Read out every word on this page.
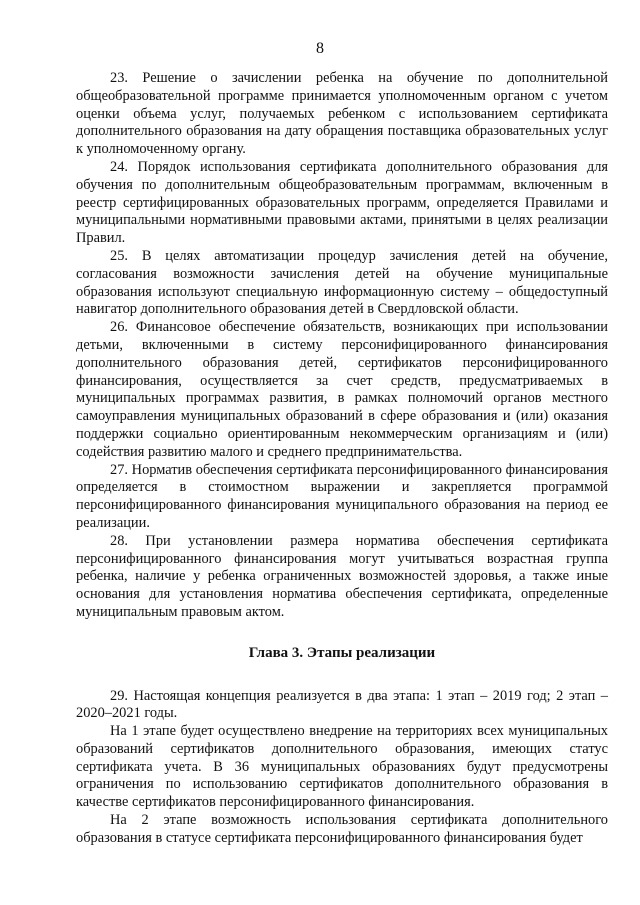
8

23. Решение о зачислении ребенка на обучение по дополнительной общеобразовательной программе принимается уполномоченным органом с учетом оценки объема услуг, получаемых ребенком с использованием сертификата дополнительного образования на дату обращения поставщика образовательных услуг к уполномоченному органу.

24. Порядок использования сертификата дополнительного образования для обучения по дополнительным общеобразовательным программам, включенным в реестр сертифицированных образовательных программ, определяется Правилами и муниципальными нормативными правовыми актами, принятыми в целях реализации Правил.

25. В целях автоматизации процедур зачисления детей на обучение, согласования возможности зачисления детей на обучение муниципальные образования используют специальную информационную систему – общедоступный навигатор дополнительного образования детей в Свердловской области.

26. Финансовое обеспечение обязательств, возникающих при использовании детьми, включенными в систему персонифицированного финансирования дополнительного образования детей, сертификатов персонифицированного финансирования, осуществляется за счет средств, предусматриваемых в муниципальных программах развития, в рамках полномочий органов местного самоуправления муниципальных образований в сфере образования и (или) оказания поддержки социально ориентированным некоммерческим организациям и (или) содействия развитию малого и среднего предпринимательства.

27. Норматив обеспечения сертификата персонифицированного финансирования определяется в стоимостном выражении и закрепляется программой персонифицированного финансирования муниципального образования на период ее реализации.

28. При установлении размера норматива обеспечения сертификата персонифицированного финансирования могут учитываться возрастная группа ребенка, наличие у ребенка ограниченных возможностей здоровья, а также иные основания для установления норматива обеспечения сертификата, определенные муниципальным правовым актом.

Глава 3. Этапы реализации

29. Настоящая концепция реализуется в два этапа: 1 этап – 2019 год; 2 этап – 2020–2021 годы.

На 1 этапе будет осуществлено внедрение на территориях всех муниципальных образований сертификатов дополнительного образования, имеющих статус сертификата учета. В 36 муниципальных образованиях будут предусмотрены ограничения по использованию сертификатов дополнительного образования в качестве сертификатов персонифицированного финансирования.

На 2 этапе возможность использования сертификата дополнительного образования в статусе сертификата персонифицированного финансирования будет
